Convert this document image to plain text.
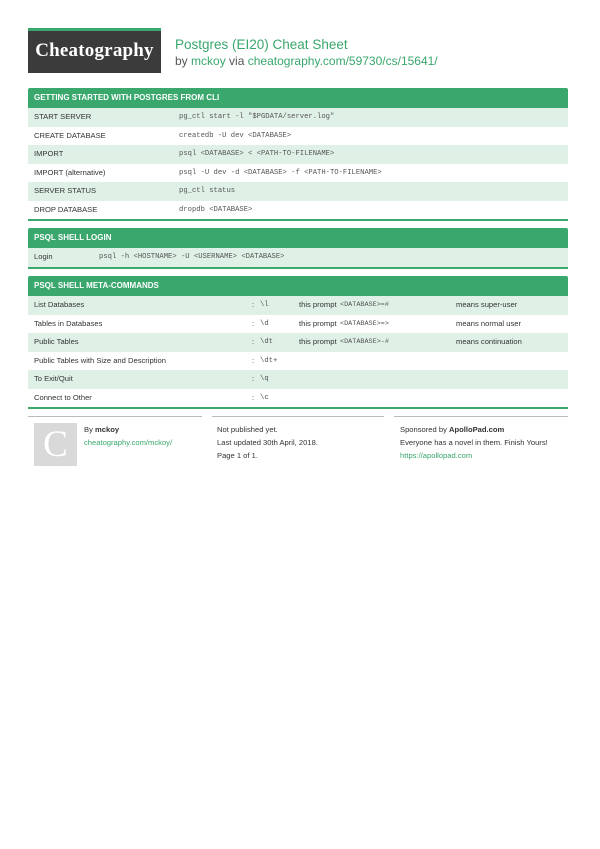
Cheatography	Postgres (EI20) Cheat Sheet
by mckoy via cheatography.com/59730/cs/15641/
GETTING STARTED WITH POSTGRES FROM CLI
START SERVER	pg_ctl start -l "$PGDATA/server.log"
CREATE DATABASE	createdb -U dev <DATABASE>
IMPORT	psql <DATABASE> < <PATH-TO-FILENAME>
IMPORT (alternative)	psql -U dev -d <DATABASE> -f <PATH-TO-FILENAME>
SERVER STATUS	pg_ctl status
DROP DATABASE	dropdb <DATABASE>
PSQL SHELL LOGIN
Login	psql -h <HOSTNAME> -U <USERNAME> <DATABASE>
PSQL SHELL META-COMMANDS
List Databases	: \l	this prompt <DATABASE>=#	means super-user
Tables in Databases	: \d	this prompt <DATABASE>=>	means normal user
Public Tables	: \dt	this prompt <DATABASE>-#	means continuation
Public Tables with Size and Description	: \dt+
To Exit/Quit	: \q
Connect to Other	: \c
C	By mckoy
cheatography.com/mckoy/
Not published yet.
Last updated 30th April, 2018.
Page 1 of 1.
Sponsored by ApolloPad.com
Everyone has a novel in them. Finish Yours!
https://apollopad.com
